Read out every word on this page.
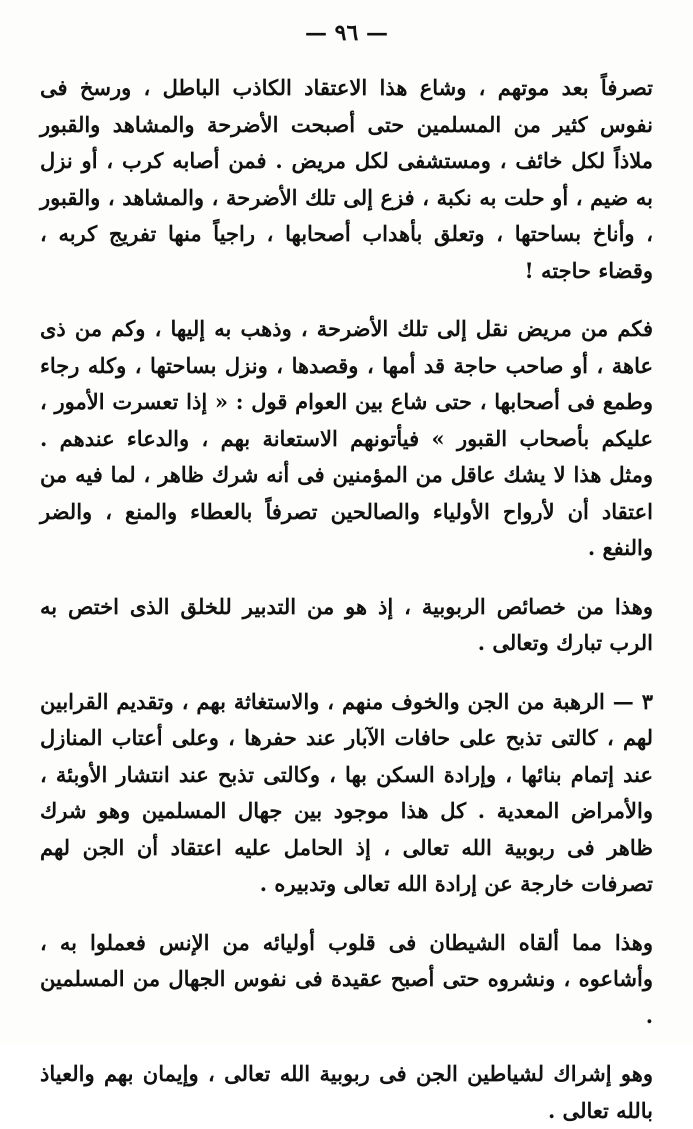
— ٩٦ —

تصرفاً بعد موتهم ، وشاع هذا الاعتقاد الكاذب الباطل ، ورسخ فى نفوس كثير من المسلمين حتى أصبحت الأضرحة والمشاهد والقبور ملاذاً لكل خائف ، ومستشفى لكل مريض . فمن أصابه كرب ، أو نزل به ضيم ، أو حلت به نكبة ، فزع إلى تلك الأضرحة ، والمشاهد ، والقبور ، وأناخ بساحتها ، وتعلق بأهداب أصحابها ، راجياً منها تفريج كربه ، وقضاء حاجته !

فكم من مريض نقل إلى تلك الأضرحة ، وذهب به إليها ، وكم من ذى عاهة ، أو صاحب حاجة قد أمها ، وقصدها ، ونزل بساحتها ، وكله رجاء وطمع فى أصحابها ، حتى شاع بين العوام قول : « إذا تعسرت الأمور ، عليكم بأصحاب القبور » فيأتونهم الاستعانة بهم ، والدعاء عندهم . ومثل هذا لا يشك عاقل من المؤمنين فى أنه شرك ظاهر ، لما فيه من اعتقاد أن لأرواح الأولياء والصالحين تصرفاً بالعطاء والمنع ، والضر والنفع .

وهذا من خصائص الربوبية ، إذ هو من التدبير للخلق الذى اختص به الرب تبارك وتعالى .

٣ — الرهبة من الجن والخوف منهم ، والاستغاثة بهم ، وتقديم القرابين لهم ، كالتى تذبح على حافات الآبار عند حفرها ، وعلى أعتاب المنازل عند إتمام بنائها ، وإرادة السكن بها ، وكالتى تذبح عند انتشار الأوبئة ، والأمراض المعدية . كل هذا موجود بين جهال المسلمين وهو شرك ظاهر فى ربوبية الله تعالى ، إذ الحامل عليه اعتقاد أن الجن لهم تصرفات خارجة عن إرادة الله تعالى وتدبيره .

وهذا مما ألقاه الشيطان فى قلوب أوليائه من الإنس فعملوا به ، وأشاعوه ، ونشروه حتى أصبح عقيدة فى نفوس الجهال من المسلمين .

وهو إشراك لشياطين الجن فى ربوبية الله تعالى ، وإيمان بهم والعياذ بالله تعالى .
